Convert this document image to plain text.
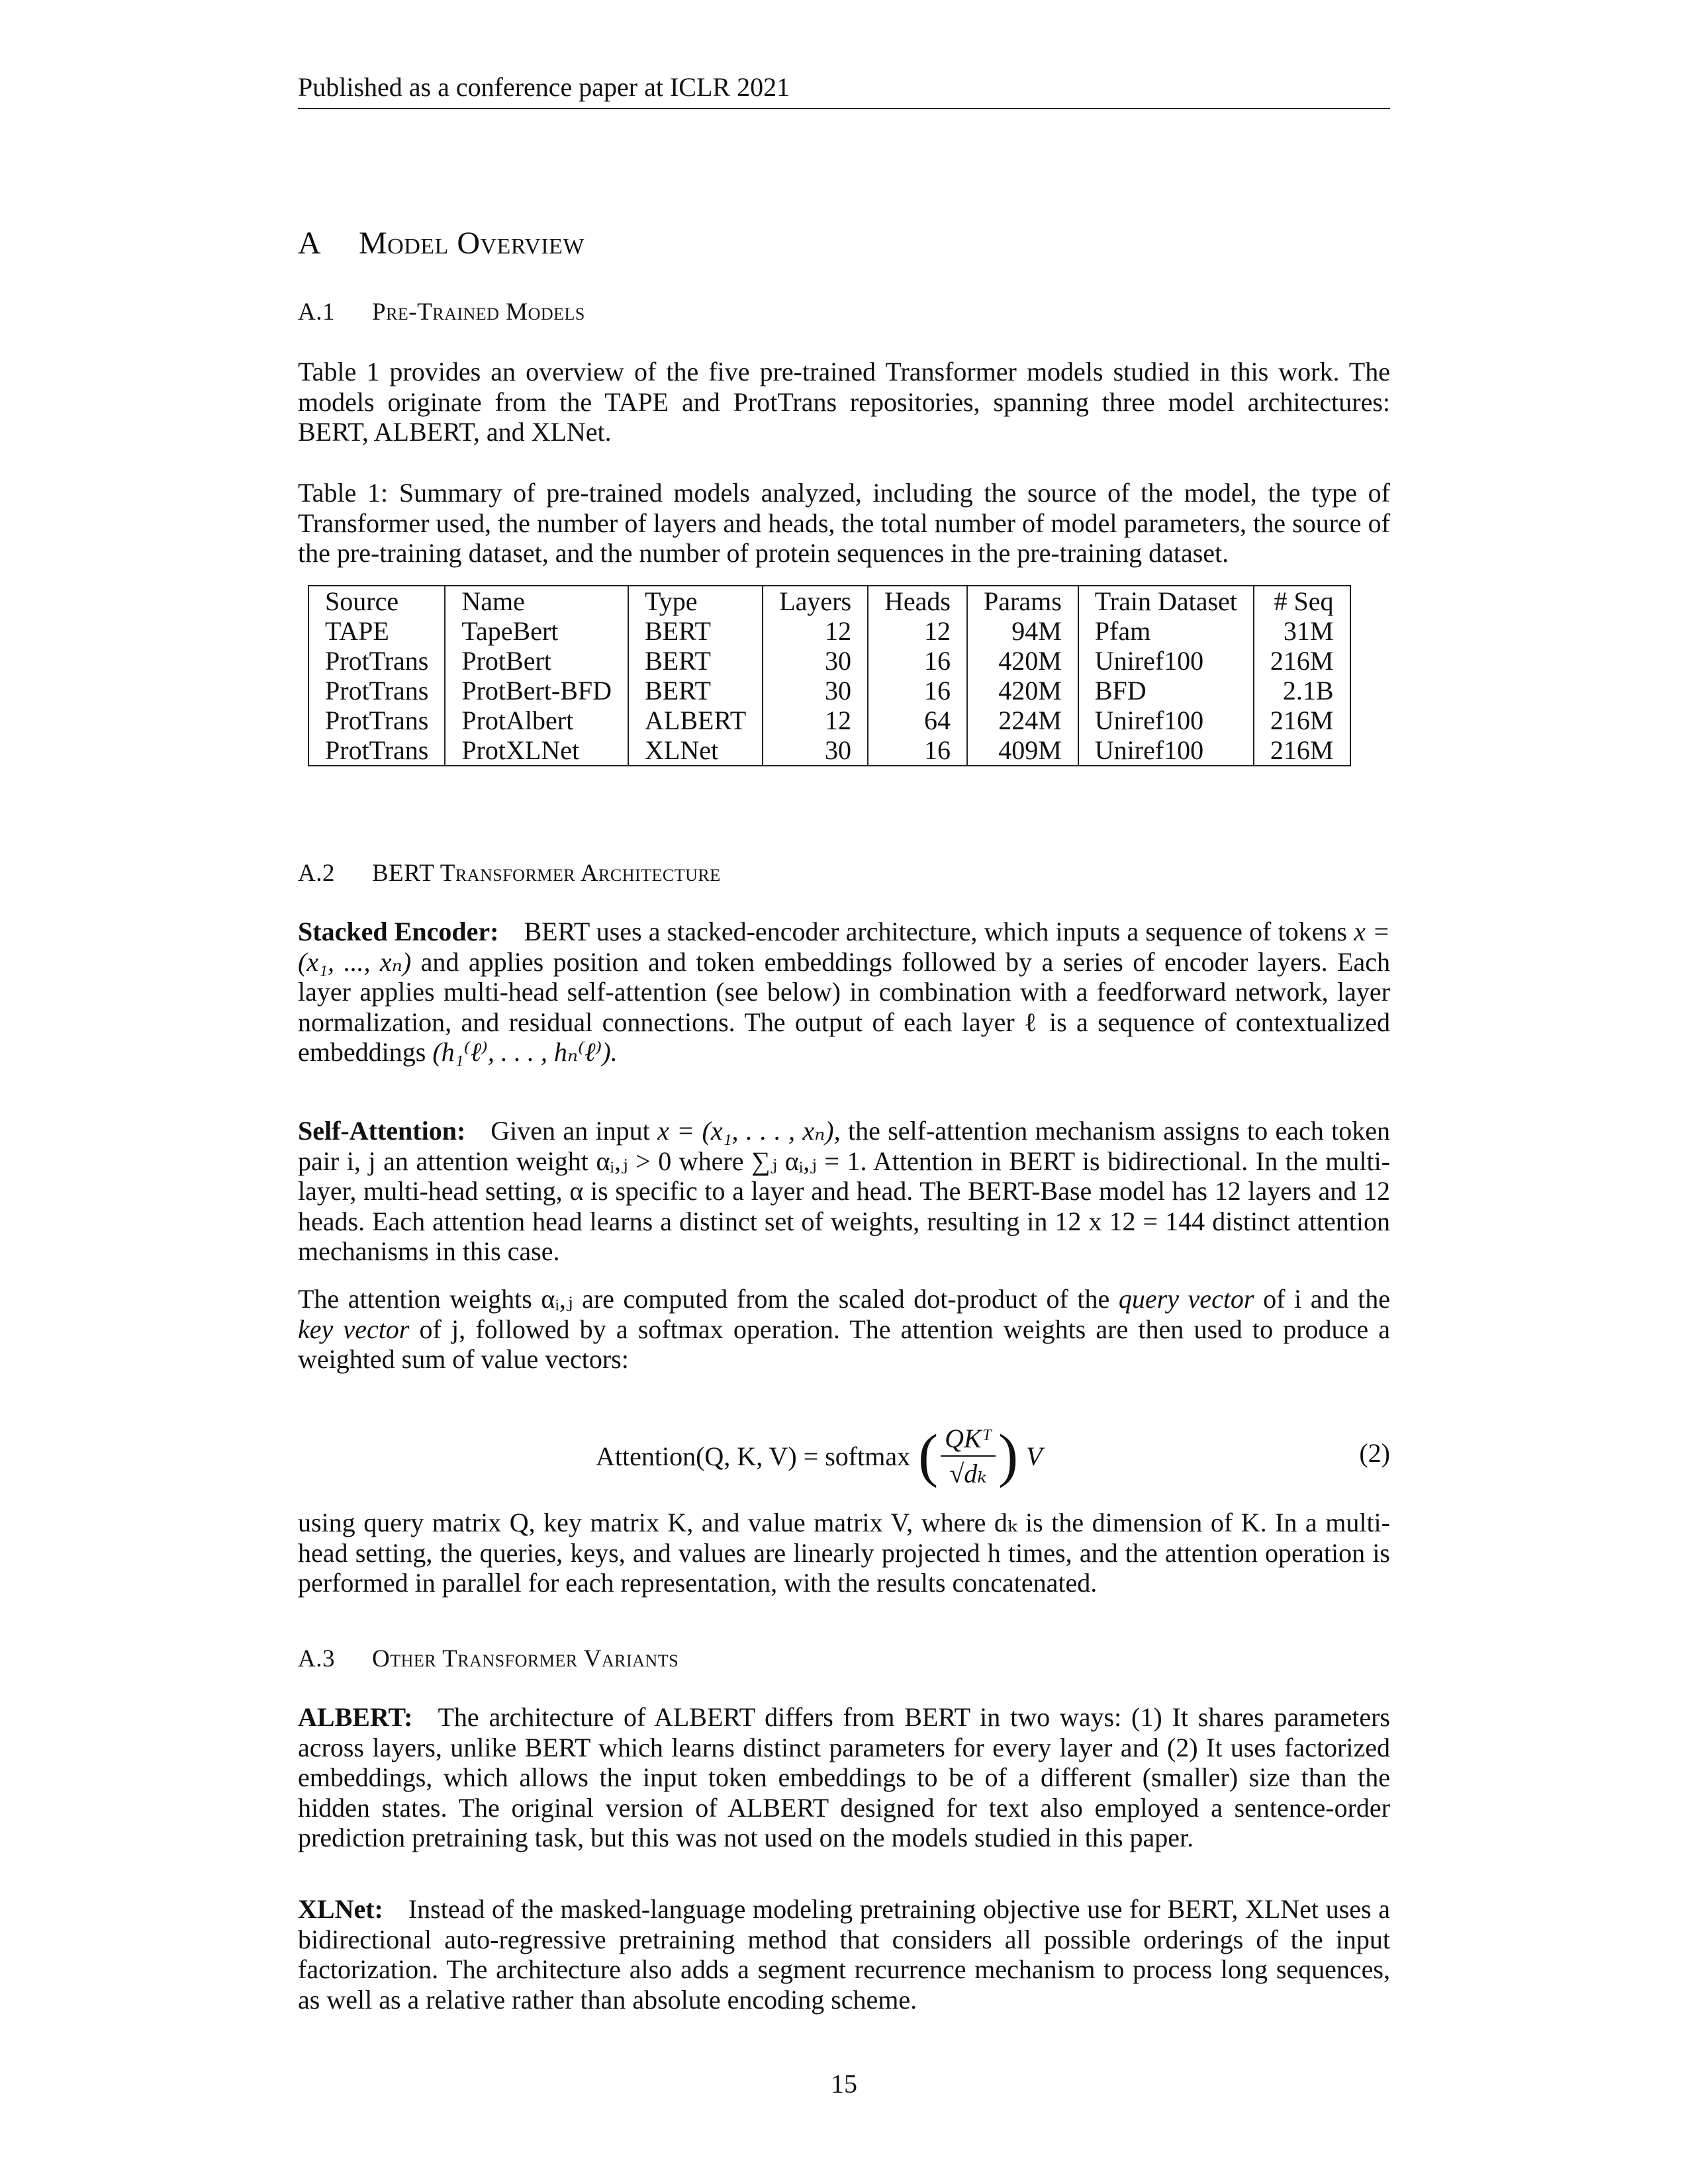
Published as a conference paper at ICLR 2021
A Model Overview
A.1 Pre-Trained Models

Table 1 provides an overview of the five pre-trained Transformer models studied in this work. The models originate from the TAPE and ProtTrans repositories, spanning three model architectures: BERT, ALBERT, and XLNet.

Table 1: Summary of pre-trained models analyzed, including the source of the model, the type of Transformer used, the number of layers and heads, the total number of model parameters, the source of the pre-training dataset, and the number of protein sequences in the pre-training dataset.
Source	Name	Type	Layers	Heads	Params	Train Dataset	# Seq
TAPE	TapeBert	BERT	12	12	94M	Pfam	31M
ProtTrans	ProtBert	BERT	30	16	420M	Uniref100	216M
ProtTrans	ProtBert-BFD	BERT	30	16	420M	BFD	2.1B
ProtTrans	ProtAlbert	ALBERT	12	64	224M	Uniref100	216M
ProtTrans	ProtXLNet	XLNet	30	16	409M	Uniref100	216M
A.2 BERT Transformer Architecture

Stacked Encoder: BERT uses a stacked-encoder architecture, which inputs a sequence of tokens x = (x₁, ..., xₙ) and applies position and token embeddings followed by a series of encoder layers. Each layer applies multi-head self-attention (see below) in combination with a feedforward network, layer normalization, and residual connections. The output of each layer ℓ is a sequence of contextualized embeddings (h₁⁽ℓ⁾, . . . , hₙ⁽ℓ⁾).

Self-Attention: Given an input x = (x₁, . . . , xₙ), the self-attention mechanism assigns to each token pair i, j an attention weight αᵢ,ⱼ > 0 where ∑ⱼ αᵢ,ⱼ = 1. Attention in BERT is bidirectional. In the multi-layer, multi-head setting, α is specific to a layer and head. The BERT-Base model has 12 layers and 12 heads. Each attention head learns a distinct set of weights, resulting in 12 x 12 = 144 distinct attention mechanisms in this case.

The attention weights αᵢ,ⱼ are computed from the scaled dot-product of the query vector of i and the key vector of j, followed by a softmax operation. The attention weights are then used to produce a weighted sum of value vectors:

Attention(Q, K, V) = softmax ( QKᵀ
√dₖ ) V	(2)

using query matrix Q, key matrix K, and value matrix V, where dₖ is the dimension of K. In a multi-head setting, the queries, keys, and values are linearly projected h times, and the attention operation is performed in parallel for each representation, with the results concatenated.

A.3 Other Transformer Variants

ALBERT: The architecture of ALBERT differs from BERT in two ways: (1) It shares parameters across layers, unlike BERT which learns distinct parameters for every layer and (2) It uses factorized embeddings, which allows the input token embeddings to be of a different (smaller) size than the hidden states. The original version of ALBERT designed for text also employed a sentence-order prediction pretraining task, but this was not used on the models studied in this paper.

XLNet: Instead of the masked-language modeling pretraining objective use for BERT, XLNet uses a bidirectional auto-regressive pretraining method that considers all possible orderings of the input factorization. The architecture also adds a segment recurrence mechanism to process long sequences, as well as a relative rather than absolute encoding scheme.

15
